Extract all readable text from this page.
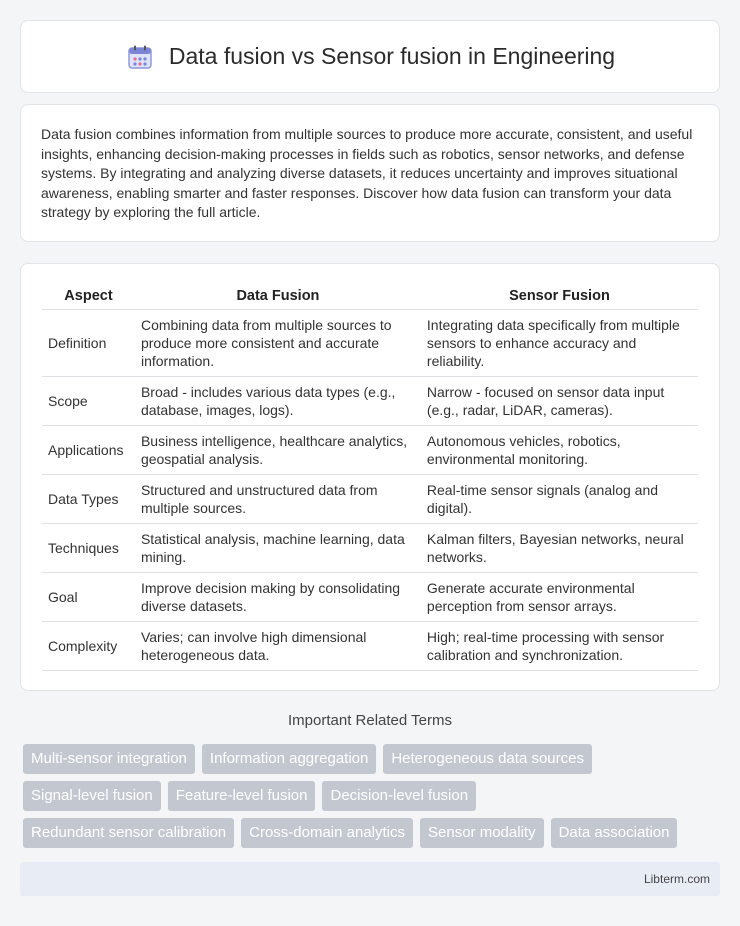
Data fusion vs Sensor fusion in Engineering

Data fusion combines information from multiple sources to produce more accurate, consistent, and useful insights, enhancing decision-making processes in fields such as robotics, sensor networks, and defense systems. By integrating and analyzing diverse datasets, it reduces uncertainty and improves situational awareness, enabling smarter and faster responses. Discover how data fusion can transform your data strategy by exploring the full article.

Aspect	Data Fusion	Sensor Fusion
Definition	Combining data from multiple sources to produce more consistent and accurate information.	Integrating data specifically from multiple sensors to enhance accuracy and reliability.
Scope	Broad - includes various data types (e.g., database, images, logs).	Narrow - focused on sensor data input (e.g., radar, LiDAR, cameras).
Applications	Business intelligence, healthcare analytics, geospatial analysis.	Autonomous vehicles, robotics, environmental monitoring.
Data Types	Structured and unstructured data from multiple sources.	Real-time sensor signals (analog and digital).
Techniques	Statistical analysis, machine learning, data mining.	Kalman filters, Bayesian networks, neural networks.
Goal	Improve decision making by consolidating diverse datasets.	Generate accurate environmental perception from sensor arrays.
Complexity	Varies; can involve high dimensional heterogeneous data.	High; real-time processing with sensor calibration and synchronization.
Important Related Terms
Multi-sensor integration	Information aggregation	Heterogeneous data sources
Signal-level fusion	Feature-level fusion	Decision-level fusion
Redundant sensor calibration	Cross-domain analytics	Sensor modality	Data association
Libterm.com
